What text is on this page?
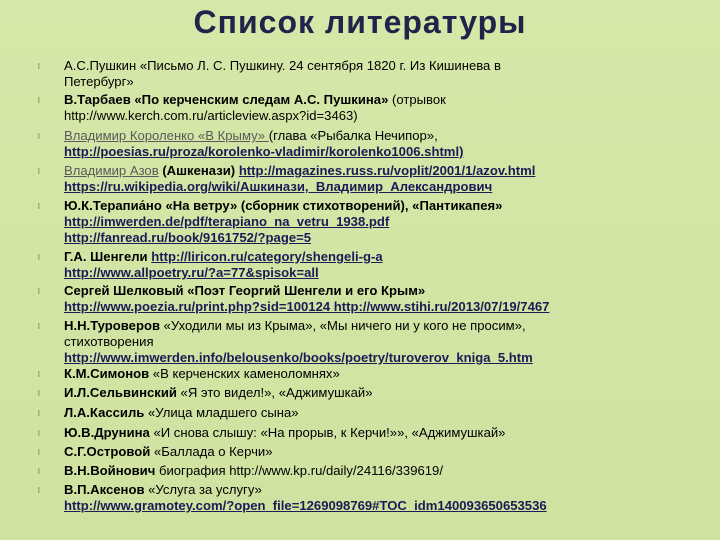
Список литературы
l А.С.Пушкин «Письмо Л. С. Пушкину. 24 сентября 1820 г. Из Кишинева в
Петербург»
l В.Тарбаев «По керченским следам А.С. Пушкина» (отрывок
http://www.kerch.com.ru/articleview.aspx?id=3463)
l Владимир Короленко «В Крыму» (глава «Рыбалка Нечипор»,
http://poesias.ru/proza/korolenko-vladimir/korolenko1006.shtml)
l Владимир Азов (Ашкенази) http://magazines.russ.ru/voplit/2001/1/azov.html
https://ru.wikipedia.org/wiki/Ашкинази,_Владимир_Александрович
l Ю.К.Терапиа́но «На ветру» (сборник стихотворений), «Пантикапея»
http://imwerden.de/pdf/terapiano_na_vetru_1938.pdf
http://fanread.ru/book/9161752/?page=5
l Г.А. Шенгели http://liricon.ru/category/shengeli-g-a
http://www.allpoetry.ru/?a=77&spisok=all
l Сергей Шелковый «Поэт Георгий Шенгели и его Крым»
http://www.poezia.ru/print.php?sid=100124 http://www.stihi.ru/2013/07/19/7467
l Н.Н.Туроверов «Уходили мы из Крыма», «Мы ничего ни у кого не просим»,
стихотворения
http://www.imwerden.info/belousenko/books/poetry/turoverov_kniga_5.htm
l К.М.Симонов «В керченских каменоломнях»
l И.Л.Сельвинский «Я это видел!», «Аджимушкай»
l Л.А.Кассиль «Улица младшего сына»
l Ю.В.Друнина «И снова слышу: «На прорыв, к Керчи!»», «Аджимушкай»
l С.Г.Островой «Баллада о Керчи»
l В.Н.Войнович биография http://www.kp.ru/daily/24116/339619/
l В.П.Аксенов «Услуга за услугу»
http://www.gramotey.com/?open_file=1269098769#TOC_idm140093650653536
